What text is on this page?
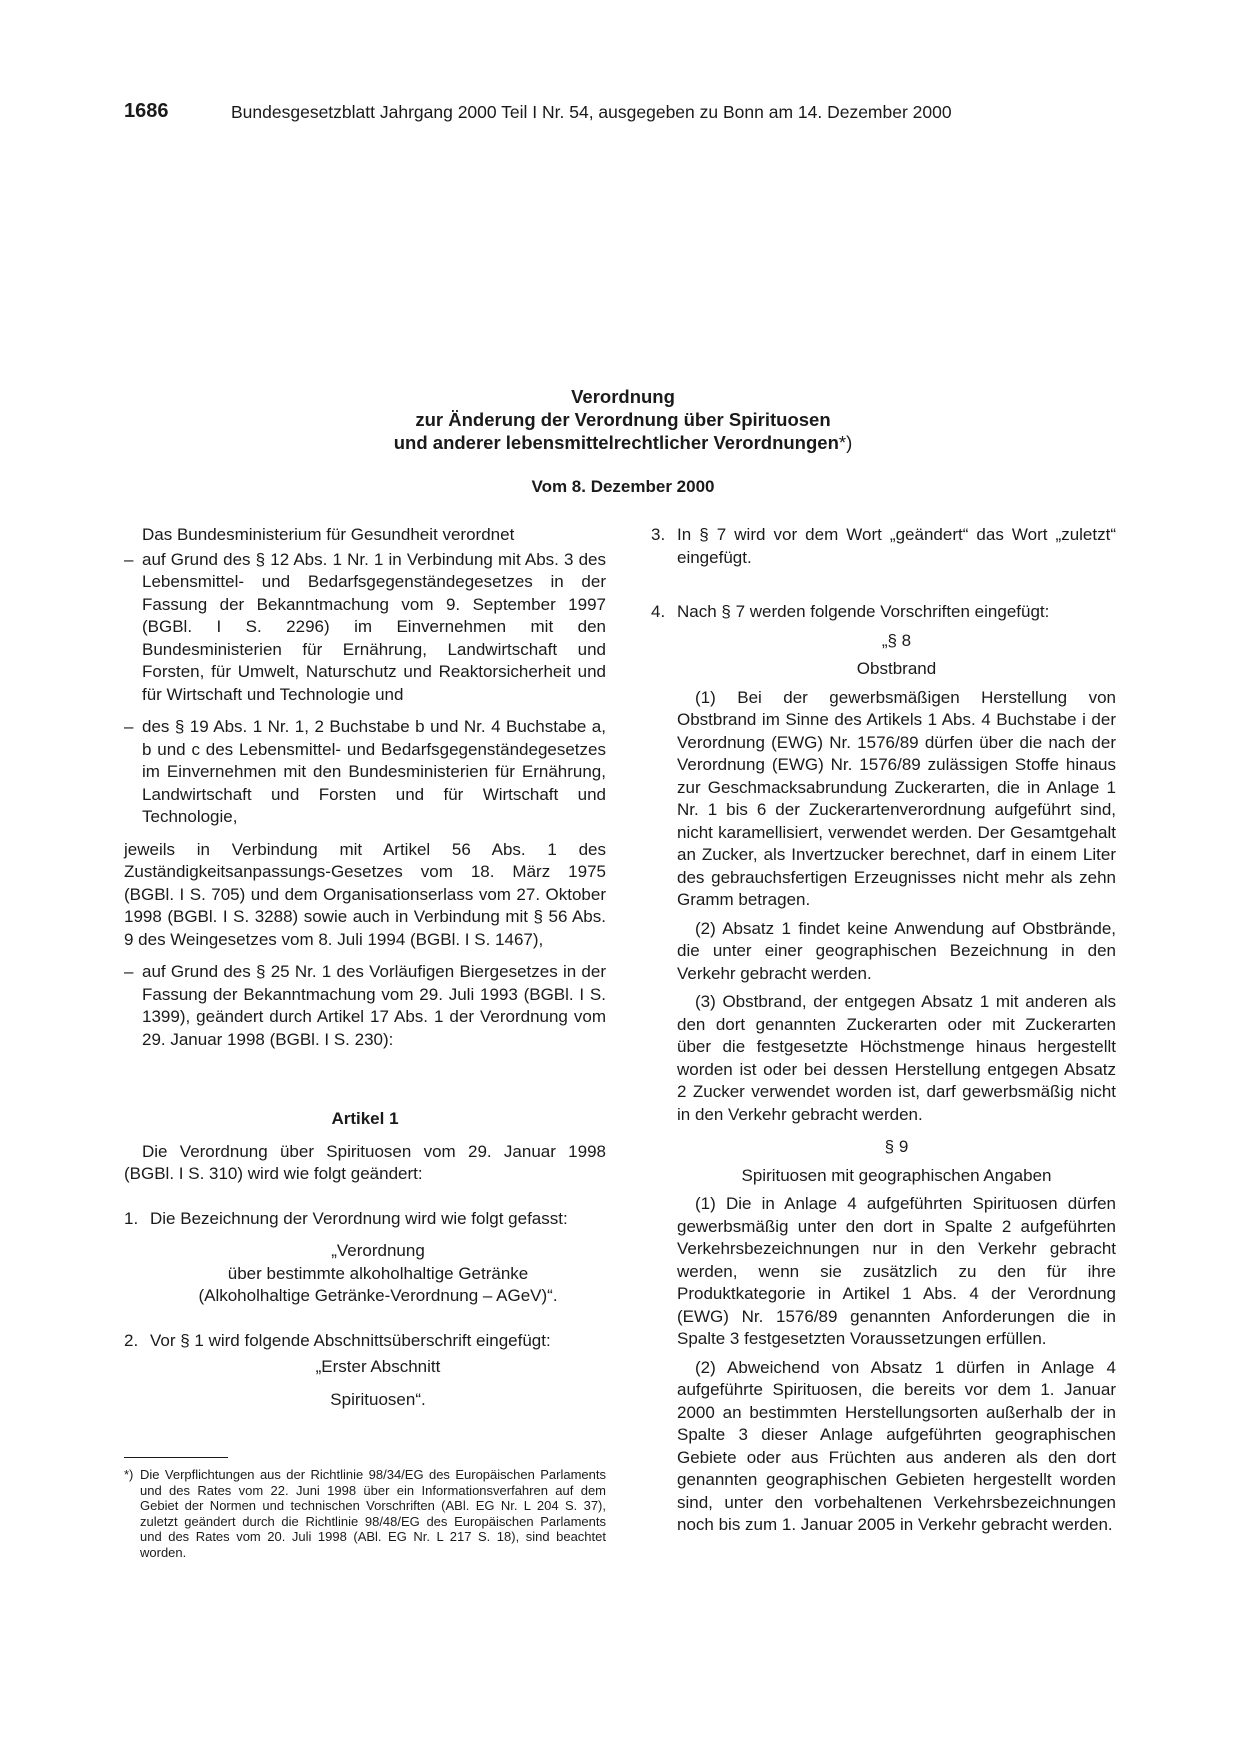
1686	Bundesgesetzblatt Jahrgang 2000 Teil I Nr. 54, ausgegeben zu Bonn am 14. Dezember 2000
Verordnung
zur Änderung der Verordnung über Spirituosen
und anderer lebensmittelrechtlicher Verordnungen*)
Vom 8. Dezember 2000

Das Bundesministerium für Gesundheit verordnet

– auf Grund des § 12 Abs. 1 Nr. 1 in Verbindung mit Abs. 3 des Lebensmittel- und Bedarfsgegenständegesetzes in der Fassung der Bekanntmachung vom 9. September 1997 (BGBl. I S. 2296) im Einvernehmen mit den Bundesministerien für Ernährung, Landwirtschaft und Forsten, für Umwelt, Naturschutz und Reaktorsicherheit und für Wirtschaft und Technologie und
– des § 19 Abs. 1 Nr. 1, 2 Buchstabe b und Nr. 4 Buchstabe a, b und c des Lebensmittel- und Bedarfsgegenständegesetzes im Einvernehmen mit den Bundesministerien für Ernährung, Landwirtschaft und Forsten und für Wirtschaft und Technologie,

jeweils in Verbindung mit Artikel 56 Abs. 1 des Zuständigkeitsanpassungs-Gesetzes vom 18. März 1975 (BGBl. I S. 705) und dem Organisationserlass vom 27. Oktober 1998 (BGBl. I S. 3288) sowie auch in Verbindung mit § 56 Abs. 9 des Weingesetzes vom 8. Juli 1994 (BGBl. I S. 1467),

– auf Grund des § 25 Nr. 1 des Vorläufigen Biergesetzes in der Fassung der Bekanntmachung vom 29. Juli 1993 (BGBl. I S. 1399), geändert durch Artikel 17 Abs. 1 der Verordnung vom 29. Januar 1998 (BGBl. I S. 230):

Artikel 1

Die Verordnung über Spirituosen vom 29. Januar 1998 (BGBl. I S. 310) wird wie folgt geändert:

1. Die Bezeichnung der Verordnung wird wie folgt gefasst:
„Verordnung
über bestimmte alkoholhaltige Getränke
(Alkoholhaltige Getränke-Verordnung – AGeV)“.
2. Vor § 1 wird folgende Abschnittsüberschrift eingefügt:
„Erster Abschnitt
Spirituosen“.
*) Die Verpflichtungen aus der Richtlinie 98/34/EG des Europäischen Parlaments und des Rates vom 22. Juni 1998 über ein Informationsverfahren auf dem Gebiet der Normen und technischen Vorschriften (ABl. EG Nr. L 204 S. 37), zuletzt geändert durch die Richtlinie 98/48/EG des Europäischen Parlaments und des Rates vom 20. Juli 1998 (ABl. EG Nr. L 217 S. 18), sind beachtet worden.
3. In § 7 wird vor dem Wort „geändert“ das Wort „zuletzt“ eingefügt.
4. Nach § 7 werden folgende Vorschriften eingefügt:

„§ 8

Obstbrand

(1) Bei der gewerbsmäßigen Herstellung von Obstbrand im Sinne des Artikels 1 Abs. 4 Buchstabe i der Verordnung (EWG) Nr. 1576/89 dürfen über die nach der Verordnung (EWG) Nr. 1576/89 zulässigen Stoffe hinaus zur Geschmacksabrundung Zuckerarten, die in Anlage 1 Nr. 1 bis 6 der Zuckerartenverordnung aufgeführt sind, nicht karamellisiert, verwendet werden. Der Gesamtgehalt an Zucker, als Invertzucker berechnet, darf in einem Liter des gebrauchsfertigen Erzeugnisses nicht mehr als zehn Gramm betragen.

(2) Absatz 1 findet keine Anwendung auf Obstbrände, die unter einer geographischen Bezeichnung in den Verkehr gebracht werden.

(3) Obstbrand, der entgegen Absatz 1 mit anderen als den dort genannten Zuckerarten oder mit Zuckerarten über die festgesetzte Höchstmenge hinaus hergestellt worden ist oder bei dessen Herstellung entgegen Absatz 2 Zucker verwendet worden ist, darf gewerbsmäßig nicht in den Verkehr gebracht werden.

§ 9

Spirituosen mit geographischen Angaben

(1) Die in Anlage 4 aufgeführten Spirituosen dürfen gewerbsmäßig unter den dort in Spalte 2 aufgeführten Verkehrsbezeichnungen nur in den Verkehr gebracht werden, wenn sie zusätzlich zu den für ihre Produktkategorie in Artikel 1 Abs. 4 der Verordnung (EWG) Nr. 1576/89 genannten Anforderungen die in Spalte 3 festgesetzten Voraussetzungen erfüllen.

(2) Abweichend von Absatz 1 dürfen in Anlage 4 aufgeführte Spirituosen, die bereits vor dem 1. Januar 2000 an bestimmten Herstellungsorten außerhalb der in Spalte 3 dieser Anlage aufgeführten geographischen Gebiete oder aus Früchten aus anderen als den dort genannten geographischen Gebieten hergestellt worden sind, unter den vorbehaltenen Verkehrsbezeichnungen noch bis zum 1. Januar 2005 in Verkehr gebracht werden.
